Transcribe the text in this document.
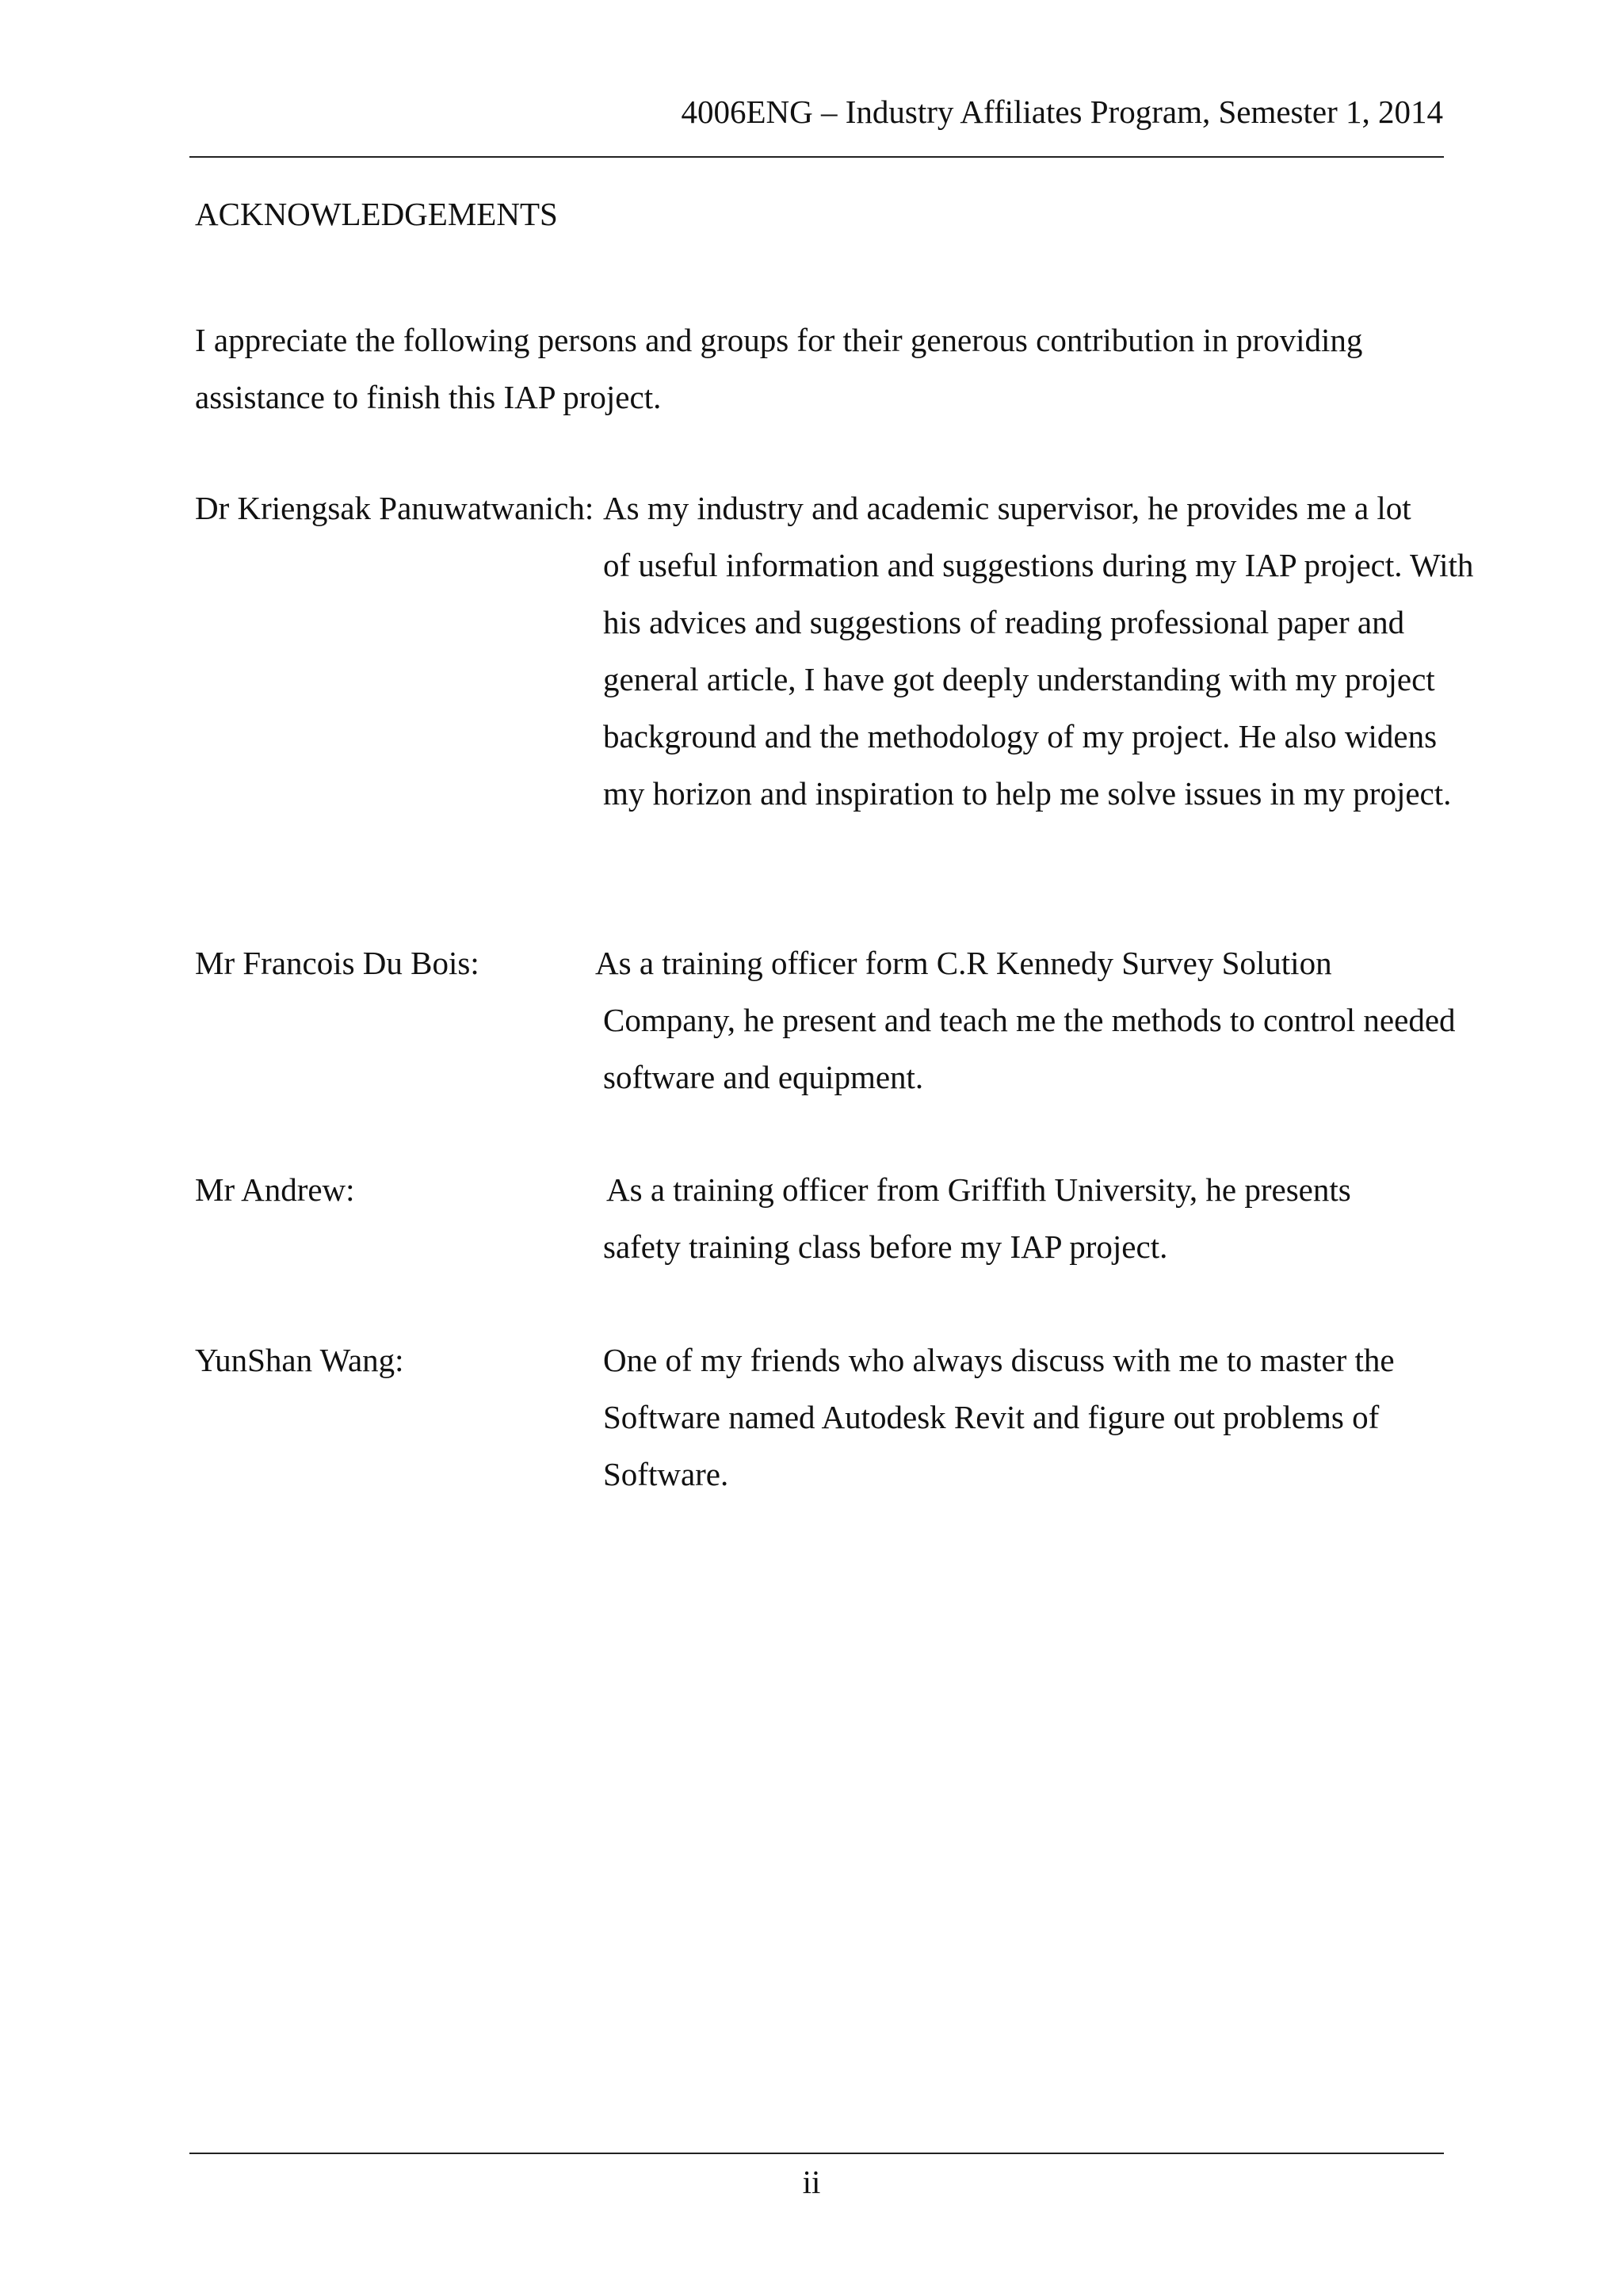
4006ENG – Industry Affiliates Program, Semester 1, 2014
ACKNOWLEDGEMENTS

I appreciate the following persons and groups for their generous contribution in providing assistance to finish this IAP project.

Dr Kriengsak Panuwatwanich: As my industry and academic supervisor, he provides me a lot
of useful information and suggestions during my IAP project. With his advices and suggestions of reading professional paper and general article, I have got deeply understanding with my project background and the methodology of my project. He also widens my horizon and inspiration to help me solve issues in my project.
Mr Francois Du Bois:	As a training officer form C.R Kennedy Survey Solution
Company, he present and teach me the methods to control needed software and equipment.
Mr Andrew:	As a training officer from Griffith University, he presents
safety training class before my IAP project.
YunShan Wang:	One of my friends who always discuss with me to master the
Software named Autodesk Revit and figure out problems of Software.
ii
